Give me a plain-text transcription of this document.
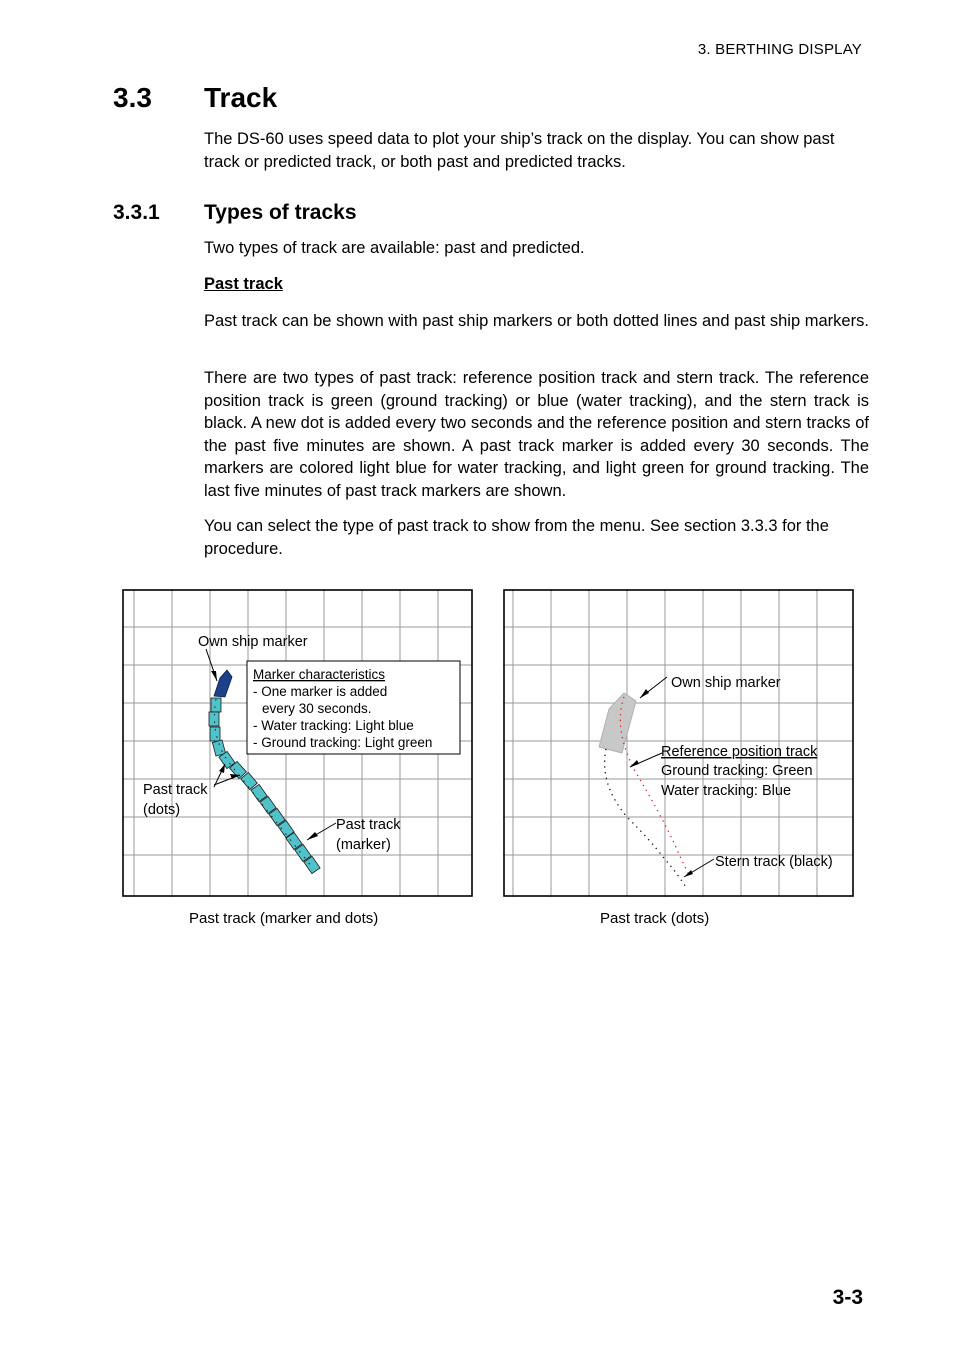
3. BERTHING DISPLAY
3.3 Track
The DS-60 uses speed data to plot your ship’s track on the display. You can show past track or predicted track, or both past and predicted tracks.
3.3.1 Types of tracks
Two types of track are available: past and predicted.
Past track
Past track can be shown with past ship markers or both dotted lines and past ship markers.
There are two types of past track: reference position track and stern track. The reference position track is green (ground tracking) or blue (water tracking), and the stern track is black. A new dot is added every two seconds and the reference position and stern tracks of the past five minutes are shown. A past track marker is added every 30 seconds. The markers are colored light blue for water tracking, and light green for ground tracking. The last five minutes of past track markers are shown.
You can select the type of past track to show from the menu. See section 3.3.3 for the procedure.
Own ship marker
Marker characteristics
- One marker is added
every 30 seconds.
- Water tracking: Light blue
- Ground tracking: Light green
Past track
(dots)
Past track
(marker)
Own ship marker
Reference position track
Ground tracking: Green
Water tracking: Blue
Stern track (black)
Past track (marker and dots)	Past track (dots)
3-3
